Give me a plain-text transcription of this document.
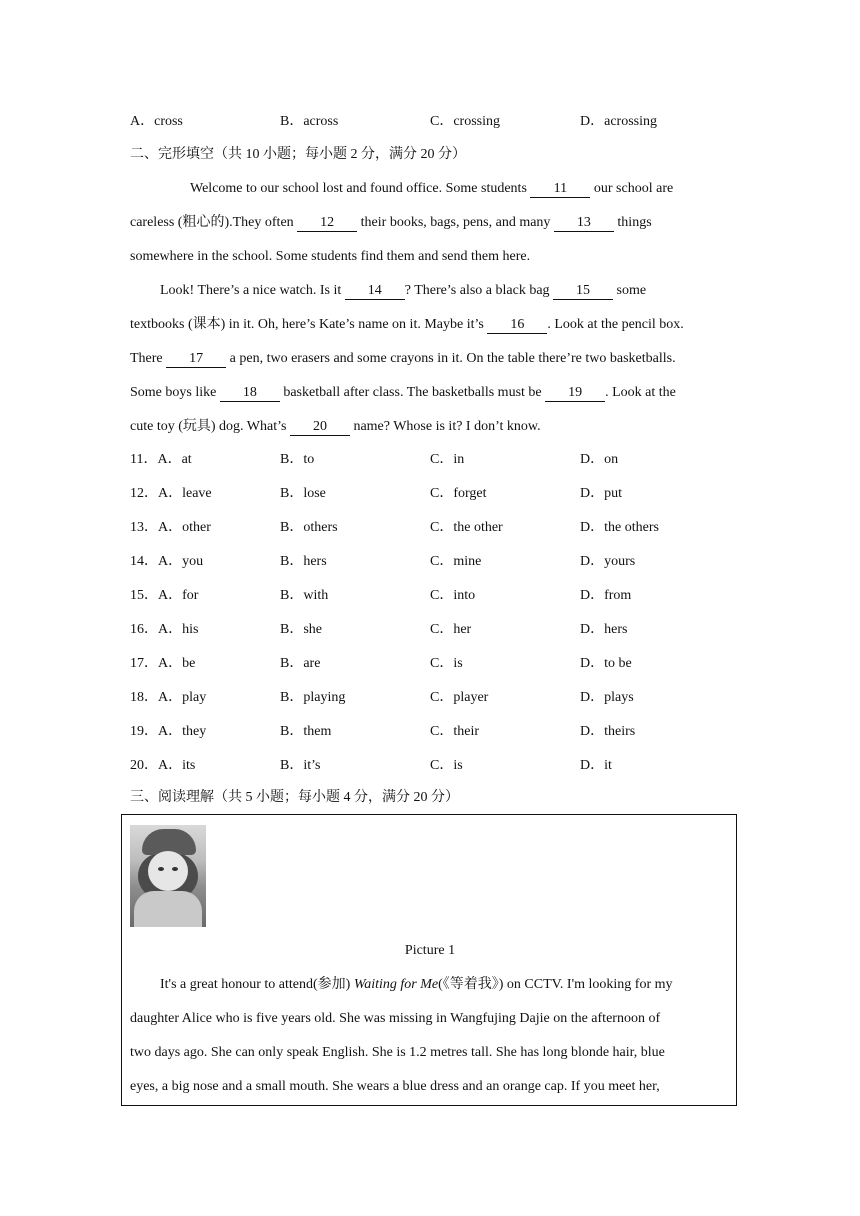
A．cross	B．across	C．crossing	D．acrossing
二、完形填空（共 10 小题；每小题 2 分，满分 20 分）
Welcome to our school lost and found office. Some students 11 our school are
careless (粗心的).They often 12 their books, bags, pens, and many 13 things
somewhere in the school. Some students find them and send them here.
Look! There’s a nice watch. Is it 14 ? There’s also a black bag 15 some
textbooks (课本) in it. Oh, here’s Kate’s name on it. Maybe it’s 16 . Look at the pencil box.
There 17 a pen, two erasers and some crayons in it. On the table there’re two basketballs.
Some boys like 18 basketball after class. The basketballs must be 19 . Look at the
cute toy (玩具) dog. What’s 20 name? Whose is it? I don’t know.
11．A．at	B．to	C．in	D．on
12．A．leave	B．lose	C．forget	D．put
13．A．other	B．others	C．the other	D．the others
14．A．you	B．hers	C．mine	D．yours
15．A．for	B．with	C．into	D．from
16．A．his	B．she	C．her	D．hers
17．A．be	B．are	C．is	D．to be
18．A．play	B．playing	C．player	D．plays
19．A．they	B．them	C．their	D．theirs
20．A．its	B．it’s	C．is	D．it
三、阅读理解（共 5 小题；每小题 4 分，满分 20 分）
Picture 1
It's a great honour to attend(参加) Waiting for Me(《等着我》) on CCTV. I'm looking for my
daughter Alice who is five years old. She was missing in Wangfujing Dajie on the afternoon of
two days ago. She can only speak English. She is 1.2 metres tall. She has long blonde hair, blue
eyes, a big nose and a small mouth. She wears a blue dress and an orange cap. If you meet her,
